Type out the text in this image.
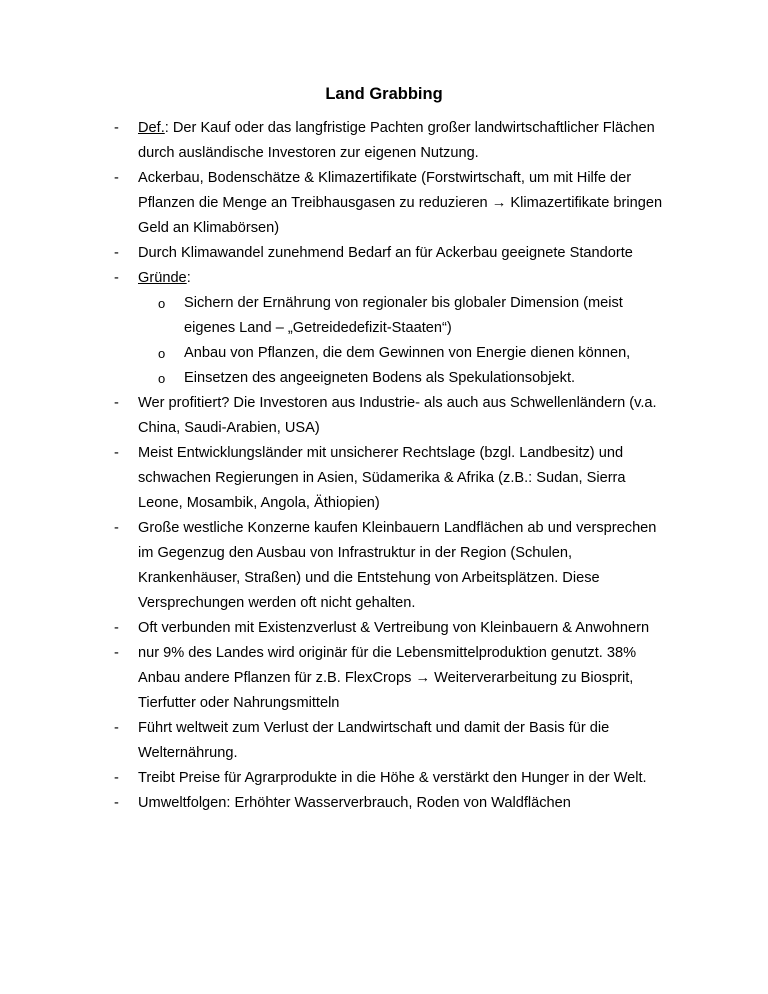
Land Grabbing
- Def.: Der Kauf oder das langfristige Pachten großer landwirtschaftlicher Flächen durch ausländische Investoren zur eigenen Nutzung.
- Ackerbau, Bodenschätze & Klimazertifikate (Forstwirtschaft, um mit Hilfe der Pflanzen die Menge an Treibhausgasen zu reduzieren → Klimazertifikate bringen Geld an Klimabörsen)
- Durch Klimawandel zunehmend Bedarf an für Ackerbau geeignete Standorte
- Gründe:
o Sichern der Ernährung von regionaler bis globaler Dimension (meist eigenes Land – „Getreidedefizit-Staaten“)
o Anbau von Pflanzen, die dem Gewinnen von Energie dienen können,
o Einsetzen des angeeigneten Bodens als Spekulationsobjekt.
- Wer profitiert? Die Investoren aus Industrie- als auch aus Schwellenländern (v.a. China, Saudi-Arabien, USA)
- Meist Entwicklungsländer mit unsicherer Rechtslage (bzgl. Landbesitz) und schwachen Regierungen in Asien, Südamerika & Afrika (z.B.: Sudan, Sierra Leone, Mosambik, Angola, Äthiopien)
- Große westliche Konzerne kaufen Kleinbauern Landflächen ab und versprechen im Gegenzug den Ausbau von Infrastruktur in der Region (Schulen, Krankenhäuser, Straßen) und die Entstehung von Arbeitsplätzen. Diese Versprechungen werden oft nicht gehalten.
- Oft verbunden mit Existenzverlust & Vertreibung von Kleinbauern & Anwohnern
- nur 9% des Landes wird originär für die Lebensmittelproduktion genutzt. 38% Anbau andere Pflanzen für z.B. FlexCrops → Weiterverarbeitung zu Biosprit, Tierfutter oder Nahrungsmitteln
- Führt weltweit zum Verlust der Landwirtschaft und damit der Basis für die Welternährung.
- Treibt Preise für Agrarprodukte in die Höhe & verstärkt den Hunger in der Welt.
- Umweltfolgen: Erhöhter Wasserverbrauch, Roden von Waldflächen
